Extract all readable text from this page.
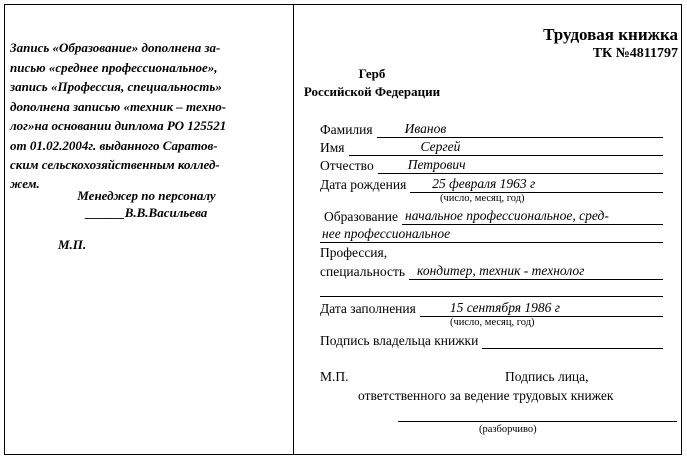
Запись «Образование» дополнена за-
писью «среднее профессиональное»,
запись «Профессия, специальность»
дополнена записью «техник – техно-
лог»на основании диплома РО 125521
от 01.02.2004г. выданного Саратов-
ским сельскохозяйственным коллед-
жем.
Менеджер по персоналу
______В.В.Васильева
М.П.
Трудовая книжка
ТК №4811797
Герб
Российской Федерации
Фамилия	Иванов
Имя	Сергей
Отчество	Петрович
Дата рождения	25 февраля 1963 г
(число, месяц, год)
Образование начальное профессиональное, сред-
нее профессиональное
Профессия,
специальность кондитер, техник - технолог
Дата заполнения	15 сентября 1986 г
(число, месяц, год)
Подпись владельца книжки
М.П.	Подпись лица,
ответственного за ведение трудовых книжек
(разборчиво)
